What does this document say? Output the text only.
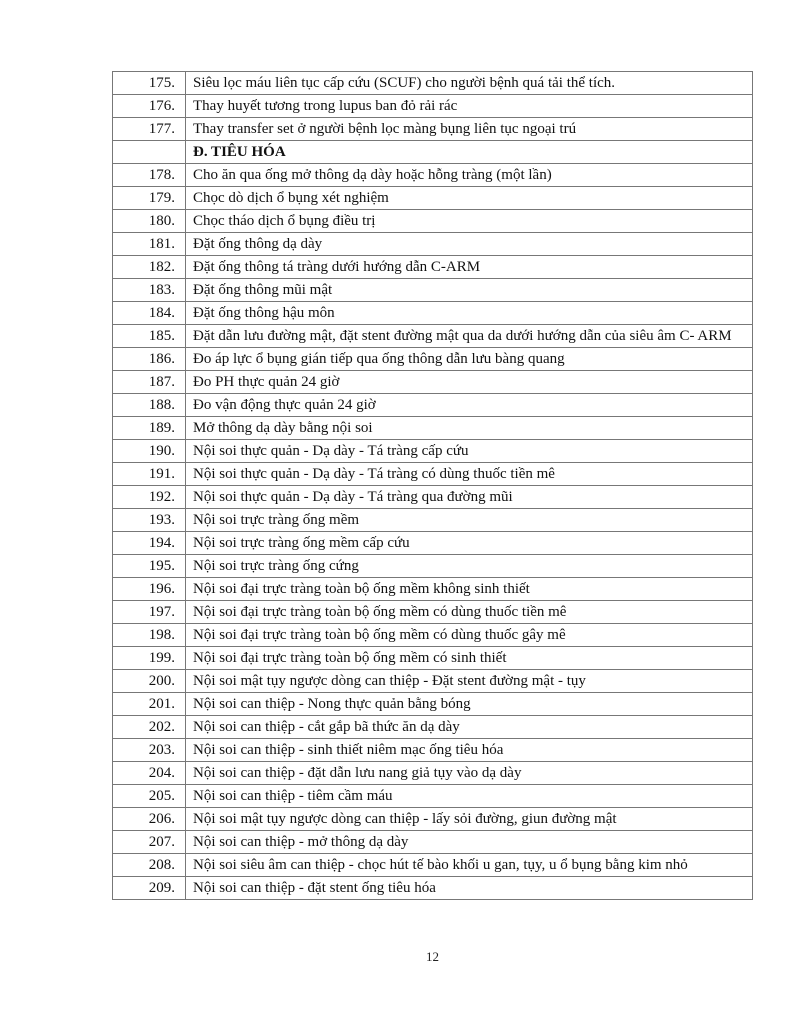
175.	Siêu lọc máu liên tục cấp cứu (SCUF) cho người bệnh quá tải thể tích.
176.	Thay huyết tương trong lupus ban đỏ rải rác
177.	Thay transfer set ở người bệnh lọc màng bụng liên tục ngoại trú
	Đ. TIÊU HÓA
178.	Cho ăn qua ống mở thông dạ dày hoặc hỗng tràng (một lần)
179.	Chọc dò dịch ổ bụng xét nghiệm
180.	Chọc tháo dịch ổ bụng điều trị
181.	Đặt ống thông dạ dày
182.	Đặt ống thông tá tràng dưới hướng dẫn C-ARM
183.	Đặt ống thông mũi mật
184.	Đặt ống thông hậu môn
185.	Đặt dẫn lưu đường mật, đặt stent đường mật qua da dưới hướng dẫn của siêu âm C- ARM
186.	Đo áp lực ổ bụng gián tiếp qua ống thông dẫn lưu bàng quang
187.	Đo PH thực quản 24 giờ
188.	Đo vận động thực quản 24 giờ
189.	Mở thông dạ dày bằng nội soi
190.	Nội soi thực quản - Dạ dày - Tá tràng cấp cứu
191.	Nội soi thực quản - Dạ dày - Tá tràng có dùng thuốc tiền mê
192.	Nội soi thực quản - Dạ dày - Tá tràng qua đường mũi
193.	Nội soi trực tràng ống mềm
194.	Nội soi trực tràng ống mềm cấp cứu
195.	Nội soi trực tràng ống cứng
196.	Nội soi đại trực tràng toàn bộ ống mềm không sinh thiết
197.	Nội soi đại trực tràng toàn bộ ống mềm có dùng thuốc tiền mê
198.	Nội soi đại trực tràng toàn bộ ống mềm có dùng thuốc gây mê
199.	Nội soi đại trực tràng toàn bộ ống mềm có sinh thiết
200.	Nội soi mật tụy ngược dòng can thiệp - Đặt stent đường mật - tụy
201.	Nội soi can thiệp - Nong thực quản bằng bóng
202.	Nội soi can thiệp - cắt gắp bã thức ăn dạ dày
203.	Nội soi can thiệp - sinh thiết niêm mạc ống tiêu hóa
204.	Nội soi can thiệp - đặt dẫn lưu nang giả tụy vào dạ dày
205.	Nội soi can thiệp - tiêm cầm máu
206.	Nội soi mật tụy ngược dòng can thiệp - lấy sỏi đường, giun đường mật
207.	Nội soi can thiệp - mở thông dạ dày
208.	Nội soi siêu âm can thiệp - chọc hút tế bào khối u gan, tụy, u ổ bụng bằng kim nhỏ
209.	Nội soi can thiệp - đặt stent ống tiêu hóa
12
